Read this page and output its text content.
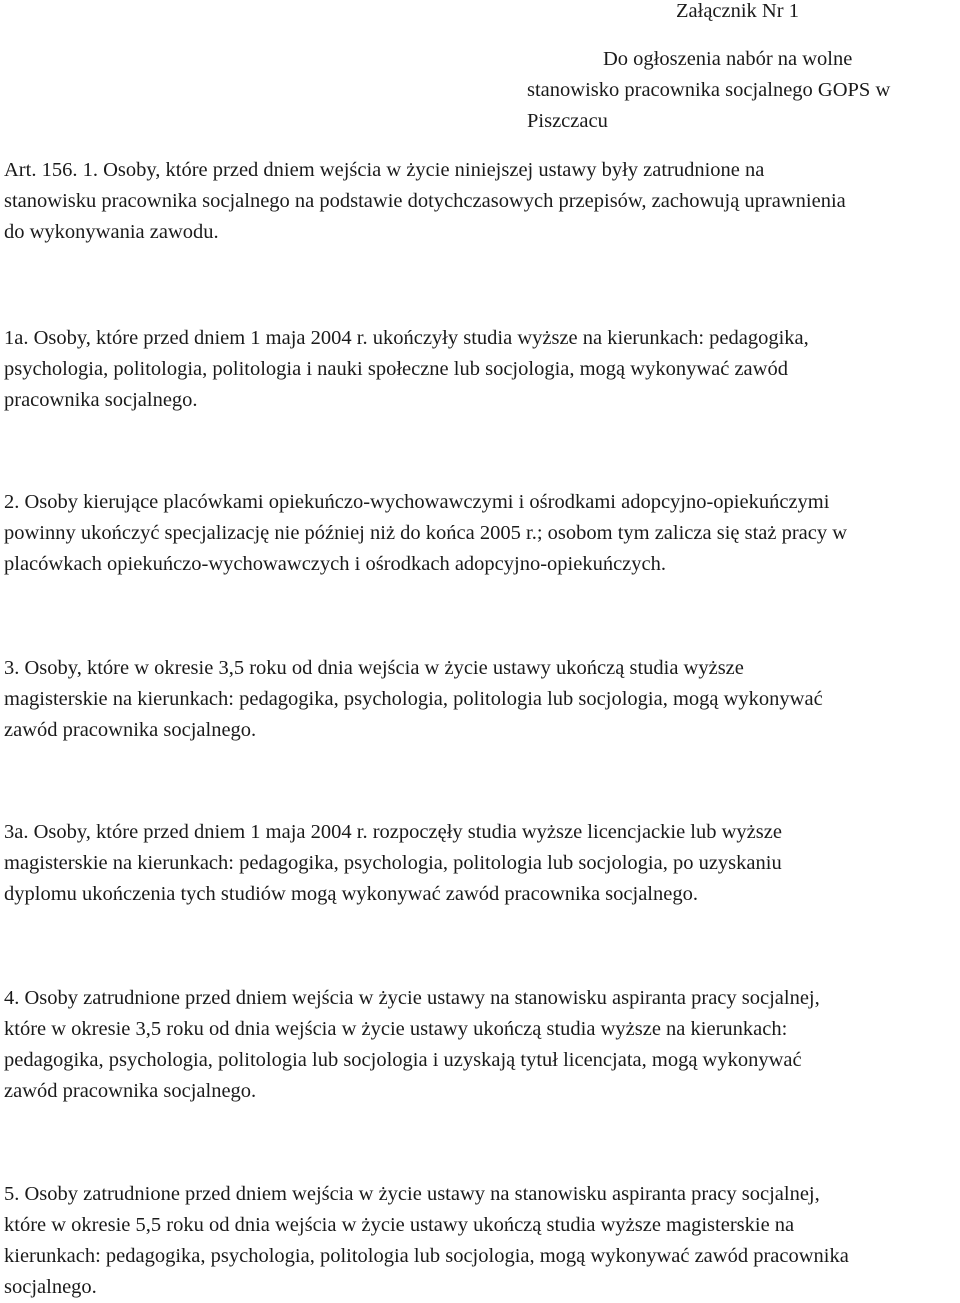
Załącznik Nr 1
Do ogłoszenia nabór na wolne
stanowisko pracownika socjalnego GOPS w
Piszczacu
Art. 156. 1. Osoby, które przed dniem wejścia w życie niniejszej ustawy były zatrudnione na
stanowisku pracownika socjalnego na podstawie dotychczasowych przepisów, zachowują uprawnienia
do wykonywania zawodu.
1a. Osoby, które przed dniem 1 maja 2004 r. ukończyły studia wyższe na kierunkach: pedagogika,
psychologia, politologia, politologia i nauki społeczne lub socjologia, mogą wykonywać zawód
pracownika socjalnego.
2. Osoby kierujące placówkami opiekuńczo-wychowawczymi i ośrodkami adopcyjno-opiekuńczymi
powinny ukończyć specjalizację nie później niż do końca 2005 r.; osobom tym zalicza się staż pracy w
placówkach opiekuńczo-wychowawczych i ośrodkach adopcyjno-opiekuńczych.
3. Osoby, które w okresie 3,5 roku od dnia wejścia w życie ustawy ukończą studia wyższe
magisterskie na kierunkach: pedagogika, psychologia, politologia lub socjologia, mogą wykonywać
zawód pracownika socjalnego.
3a. Osoby, które przed dniem 1 maja 2004 r. rozpoczęły studia wyższe licencjackie lub wyższe
magisterskie na kierunkach: pedagogika, psychologia, politologia lub socjologia, po uzyskaniu
dyplomu ukończenia tych studiów mogą wykonywać zawód pracownika socjalnego.
4. Osoby zatrudnione przed dniem wejścia w życie ustawy na stanowisku aspiranta pracy socjalnej,
które w okresie 3,5 roku od dnia wejścia w życie ustawy ukończą studia wyższe na kierunkach:
pedagogika, psychologia, politologia lub socjologia i uzyskają tytuł licencjata, mogą wykonywać
zawód pracownika socjalnego.
5. Osoby zatrudnione przed dniem wejścia w życie ustawy na stanowisku aspiranta pracy socjalnej,
które w okresie 5,5 roku od dnia wejścia w życie ustawy ukończą studia wyższe magisterskie na
kierunkach: pedagogika, psychologia, politologia lub socjologia, mogą wykonywać zawód pracownika
socjalnego.
